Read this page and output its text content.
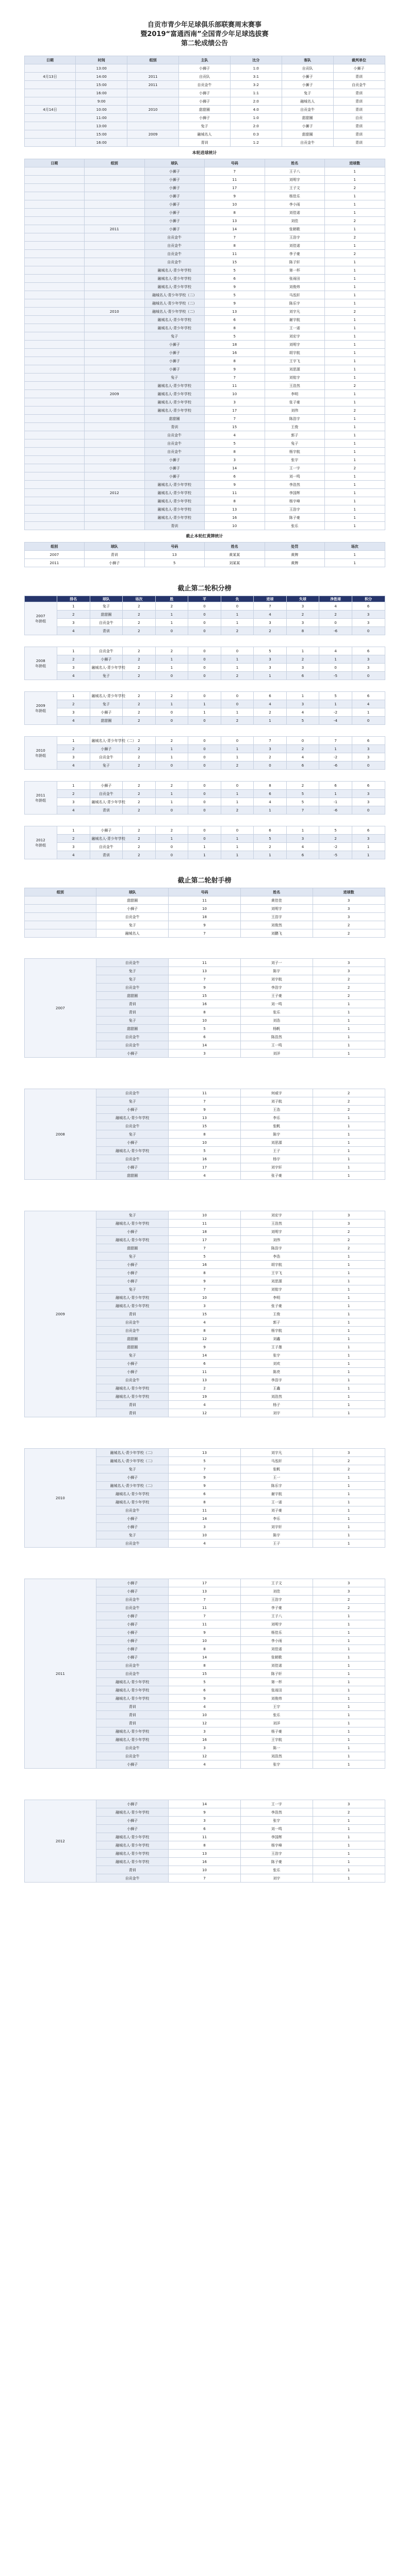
自贡市青少年足球俱乐部联赛周末赛事
暨2019“富通西南”全国青少年足球选拔赛
第二轮成绩公告
日期	时间	组别	主队	比分	客队	裁判单位
	13:00		小狮子	1:0	自贡队	小狮子
4月13日	14:00	2011	自贡队	3:1	小狮子	青训
	15:00	2011	自贡金牛	3:2	小狮子	自贡金牛
	16:00		小狮子	1:1	兔子	青训
	9:00		小狮子	2:0	融城名人	青训
4月14日	10:00	2010	甜甜圈	4:0	自贡金牛	青训
	11:00		小狮子	1:0	甜甜圈	自贡
	13:00		兔子	2:0	小狮子	青训
	15:00	2009	融城名人	0:3	甜甜圈	青训
	16:00		青训	1:2	自贡金牛	青训
本轮进球统计
日期	组别	球队	号码	姓名	进球数
		小狮子	7	王子八	1
		小狮子	11	刘明宇	1
		小狮子	17	王子文	2
		小狮子	9	杨佳乐	1
		小狮子	10	李小雨	1
		小狮子	8	刘佳诺	1
		小狮子	13	刘佳	2
	2011	小狮子	14	张朝歌	1
		自贡金牛	7	王浩宇	2
		自贡金牛	8	刘佳诺	1
		自贡金牛	11	李子豪	2
		自贡金牛	15	陈子轩	1
		融城名人·青少年学校	5	第一杯	1
		融城名人·青少年学校	6	张雨田	1
		融城名人·青少年学校	9	刘俊炜	1
		融城名人·青少年学校（二）	5	马泓轩	1
		融城名人·青少年学校（二）	9	陈乐宇	1
	2010	融城名人·青少年学校（二）	13	刘宇凡	2
		融城名人·青少年学校	6	谢宇航	1
		融城名人·青少年学校	8	王一诺	1
		兔子	5	刘宏宇	1
		小狮子	18	刘明宇	1
		小狮子	16	胡宇航	1
		小狮子	8	王宇飞	1
		小狮子	9	刘思源	1
		兔子	7	刘铭宇	1
		融城名人·青少年学校	11	王浩然	2
	2009	融城名人·青少年学校	10	李明	1
		融城名人·青少年学校	3	张子豪	1
		融城名人·青少年学校	17	刘伟	2
		甜甜圈	7	陈浩宇	1
		青训	15	王俊	1
		自贡金牛	4	郭子	1
		自贡金牛	5	兔子	1
		自贡金牛	8	杨宇航	1
		小狮子	3	张宇	1
		小狮子	14	王一宇	2
		小狮子	6	刘一鸣	1
		融城名人·青少年学校	9	李浩然	1
	2012	融城名人·青少年学校	11	李国辉	1
		融城名人·青少年学校	8	杨宇峰	1
		融城名人·青少年学校	13	王浩宇	1
		融城名人·青少年学校	16	陈子豪	1
		青训	10	张乐	1
截止本轮红黄牌统计
组别	球队	号码	姓名	处罚	场次
2007	青训	13	黄某某	黄牌	1
2011	小狮子	5	刘某某	黄牌	1
截止第二轮积分榜
	排名	球队	场次	胜	平	负	进球	失球	净胜球	积分
2007
年龄组	1	兔子	2	2	0	0	7	3	4	6
	2	甜甜圈	2	1	0	1	4	2	2	3
	3	自贡金牛	2	1	0	1	3	3	0	3
	4	青训	2	0	0	2	2	8	-6	0

2008
年龄组	1	自贡金牛	2	2	0	0	5	1	4	6
	2	小狮子	2	1	0	1	3	2	1	3
	3	融城名人·青少年学校	2	1	0	1	3	3	0	3
	4	兔子	2	0	0	2	1	6	-5	0

2009
年龄组	1	融城名人·青少年学校	2	2	0	0	6	1	5	6
	2	兔子	2	1	1	0	4	3	1	4
	3	小狮子	2	0	1	1	2	4	-2	1
	4	甜甜圈	2	0	0	2	1	5	-4	0

2010
年龄组	1	融城名人·青少年学校（二）	2	2	0	0	7	0	7	6
	2	小狮子	2	1	0	1	3	2	1	3
	3	自贡金牛	2	1	0	1	2	4	-2	3
	4	兔子	2	0	0	2	0	6	-6	0

2011
年龄组	1	小狮子	2	2	0	0	8	2	6	6
	2	自贡金牛	2	1	0	1	6	5	1	3
	3	融城名人·青少年学校	2	1	0	1	4	5	-1	3
	4	青训	2	0	0	2	1	7	-6	0

2012
年龄组	1	小狮子	2	2	0	0	6	1	5	6
	2	融城名人·青少年学校	2	1	0	1	5	3	2	3
	3	自贡金牛	2	0	1	1	2	4	-2	1
	4	青训	2	0	1	1	1	6	-5	1
截止第二轮射手榜
组别	球队	号码	姓名	进球数
	甜甜圈	11	黄佳佳	3
	小狮子	10	刘明宇	3
	自贡金牛	18	王浩宇	3
	兔子	9	刘俊然	2
	融城名人	7	刘鹏飞	2
2007	自贡金牛	11	刘子一	3
	兔子	13	陈宇	3
	兔子	7	刘宇航	2
	自贡金牛	9	李浩宇	2
	甜甜圈	15	王子豪	2
	青训	16	刘一鸣	1
	青训	8	张乐	1
	兔子	10	刘浩	1
	甜甜圈	5	杨帆	1
	自贡金牛	6	陈浩然	1
	自贡金牛	14	王一鸣	1
	小狮子	3	刘洋	1

2008	自贡金牛	11	何威宇	2
	兔子	7	刘子航	2
	小狮子	9	王浩	2
	融城名人·青少年学校	13	李乐	1
	自贡金牛	15	张帆	1
	兔子	8	陈宇	1
	小狮子	10	刘思源	1
	融城名人·青少年学校	5	王子	1
	自贡金牛	16	杨宇	1
	小狮子	17	刘宇轩	1
	甜甜圈	4	张子豪	1

2009	兔子	10	刘宏宇	3
	融城名人·青少年学校	11	王浩然	3
	小狮子	18	刘明宇	2
	融城名人·青少年学校	17	刘伟	2
	甜甜圈	7	陈浩宇	2
	兔子	5	李浩	1
	小狮子	16	胡宇航	1
	小狮子	8	王宇飞	1
	小狮子	9	刘思源	1
	兔子	7	刘铭宇	1
	融城名人·青少年学校	10	李明	1
	融城名人·青少年学校	3	张子豪	1
	青训	15	王俊	1
	自贡金牛	4	郭子	1
	自贡金牛	8	杨宇航	1
	甜甜圈	12	刘鑫	1
	甜甜圈	9	王子墨	1
	兔子	14	张宇	1
	小狮子	6	刘欢	1
	小狮子	11	陈亮	1
	自贡金牛	13	李浩宇	1
	融城名人·青少年学校	2	王鑫	1
	融城名人·青少年学校	19	刘浩然	1
	青训	4	杨子	1
	青训	12	刘宇	1

2010	融城名人·青少年学校（二）	13	刘宇凡	3
	融城名人·青少年学校（二）	5	马泓轩	2
	兔子	7	张帆	2
	小狮子	9	王一	1
	融城名人·青少年学校（二）	9	陈乐宇	1
	融城名人·青少年学校	6	谢宇航	1
	融城名人·青少年学校	8	王一诺	1
	自贡金牛	11	刘子豪	1
	小狮子	14	李乐	1
	小狮子	3	刘宇轩	1
	兔子	10	陈宇	1
	自贡金牛	4	王子	1

2011	小狮子	17	王子文	3
	小狮子	13	刘佳	3
	自贡金牛	7	王浩宇	2
	自贡金牛	11	李子豪	2
	小狮子	7	王子八	1
	小狮子	11	刘明宇	1
	小狮子	9	杨佳乐	1
	小狮子	10	李小雨	1
	小狮子	8	刘佳诺	1
	小狮子	14	张朝歌	1
	自贡金牛	8	刘佳诺	1
	自贡金牛	15	陈子轩	1
	融城名人·青少年学校	5	第一杯	1
	融城名人·青少年学校	6	张雨田	1
	融城名人·青少年学校	9	刘俊炜	1
	青训	4	王宇	1
	青训	10	张乐	1
	青训	12	刘洋	1
	融城名人·青少年学校	3	杨子豪	1
	融城名人·青少年学校	16	王宇航	1
	自贡金牛	3	陈一	1
	自贡金牛	12	刘浩然	1
	小狮子	4	张宇	1

2012	小狮子	14	王一宇	3
	融城名人·青少年学校	9	李浩然	2
	小狮子	3	张宇	1
	小狮子	6	刘一鸣	1
	融城名人·青少年学校	11	李国辉	1
	融城名人·青少年学校	8	杨宇峰	1
	融城名人·青少年学校	13	王浩宇	1
	融城名人·青少年学校	16	陈子豪	1
	青训	10	张乐	1
	自贡金牛	7	刘宇	1
